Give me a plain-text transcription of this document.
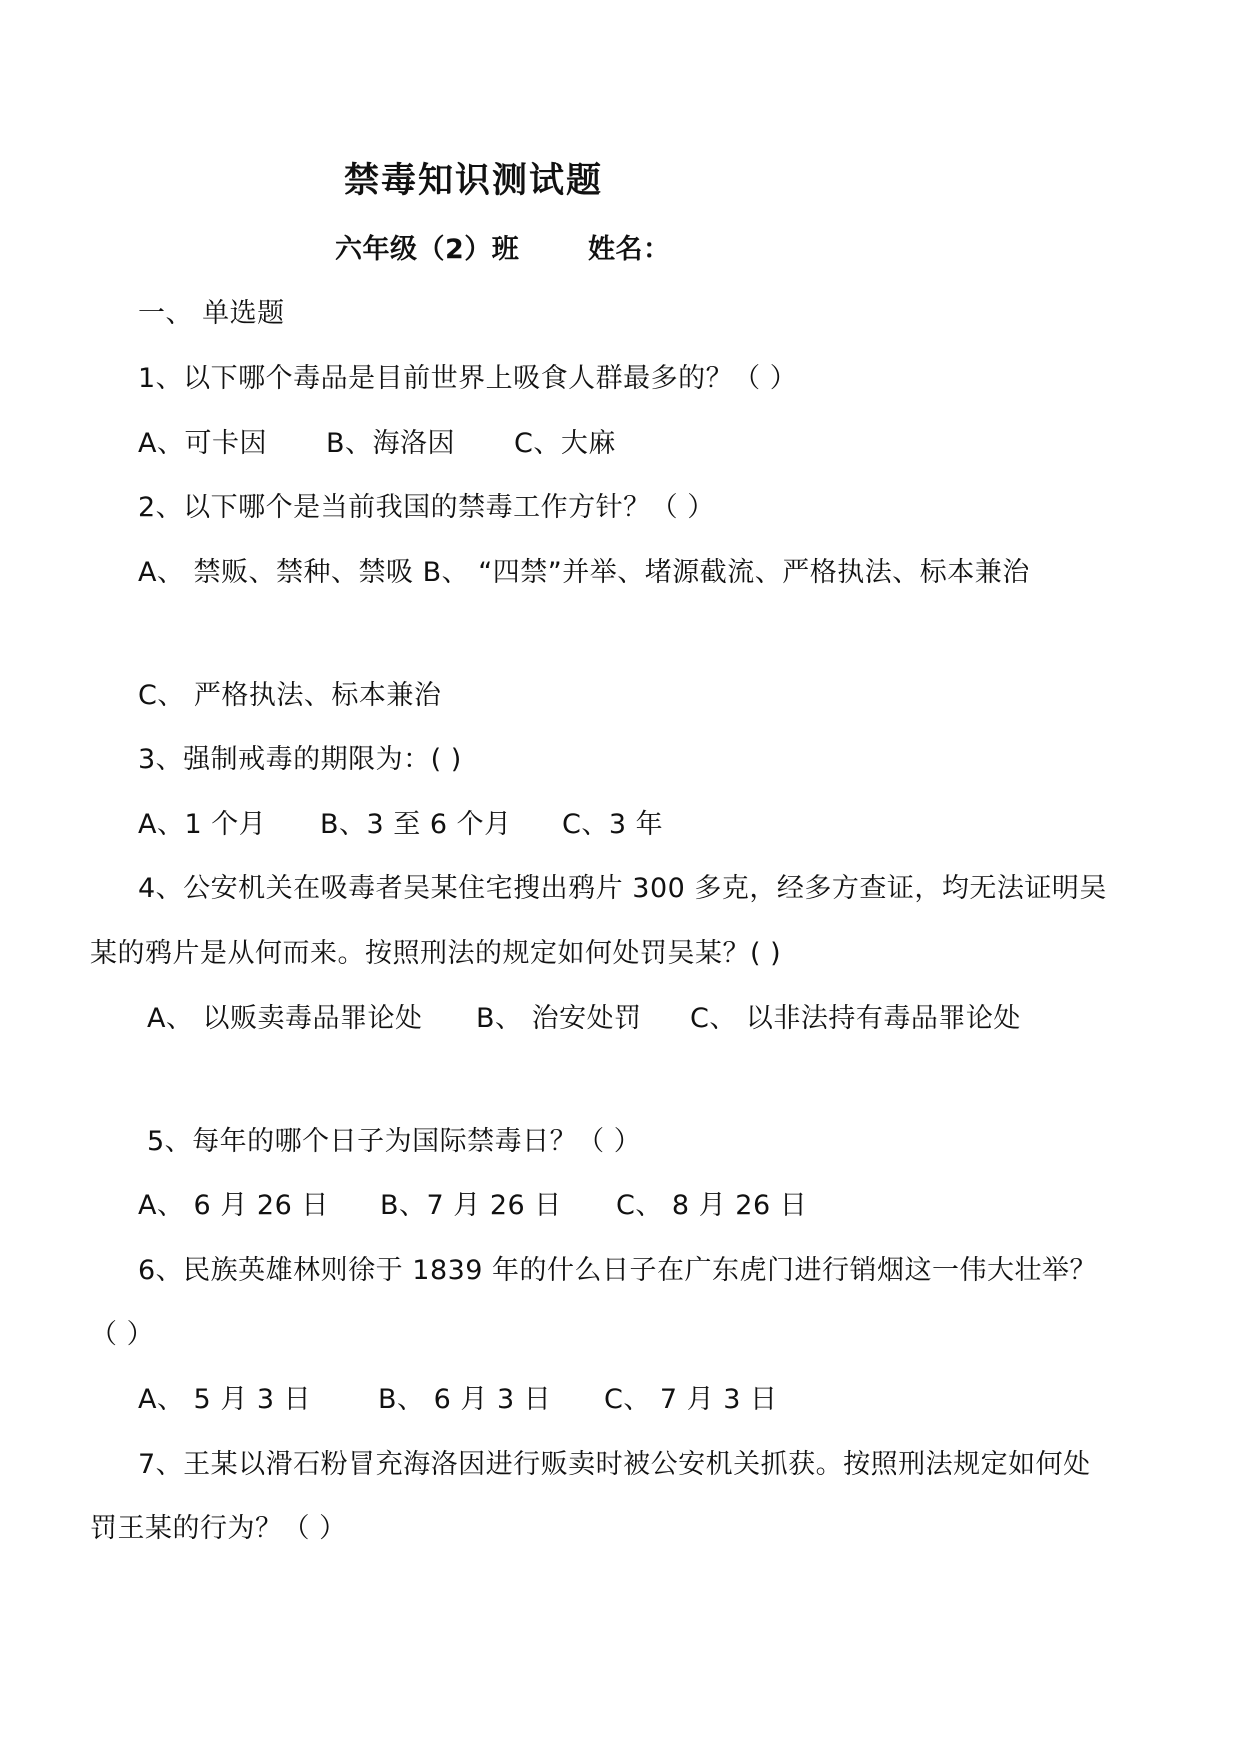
禁毒知识测试题
六年级（2）班	姓名：
一、 单选题
1、以下哪个毒品是目前世界上吸食人群最多的？（ ）
A、可卡因 B、海洛因 C、大麻
2、以下哪个是当前我国的禁毒工作方针？（ ）
A、 禁贩、禁种、禁吸 B、 “四禁”并举、堵源截流、严格执法、标本兼治
C、 严格执法、标本兼治
3、强制戒毒的期限为：( )
A、1 个月 B、3 至 6 个月 C、3 年
4、公安机关在吸毒者吴某住宅搜出鸦片 300 多克，经多方查证，均无法证明吴
某的鸦片是从何而来。按照刑法的规定如何处罚吴某？( )
A、 以贩卖毒品罪论处 B、 治安处罚 C、 以非法持有毒品罪论处
5、每年的哪个日子为国际禁毒日？（ ）
A、 6 月 26 日 B、7 月 26 日 C、 8 月 26 日
6、民族英雄林则徐于 1839 年的什么日子在广东虎门进行销烟这一伟大壮举？
（ ）
A、 5 月 3 日 B、 6 月 3 日 C、 7 月 3 日
7、王某以滑石粉冒充海洛因进行贩卖时被公安机关抓获。按照刑法规定如何处
罚王某的行为？（ ）
